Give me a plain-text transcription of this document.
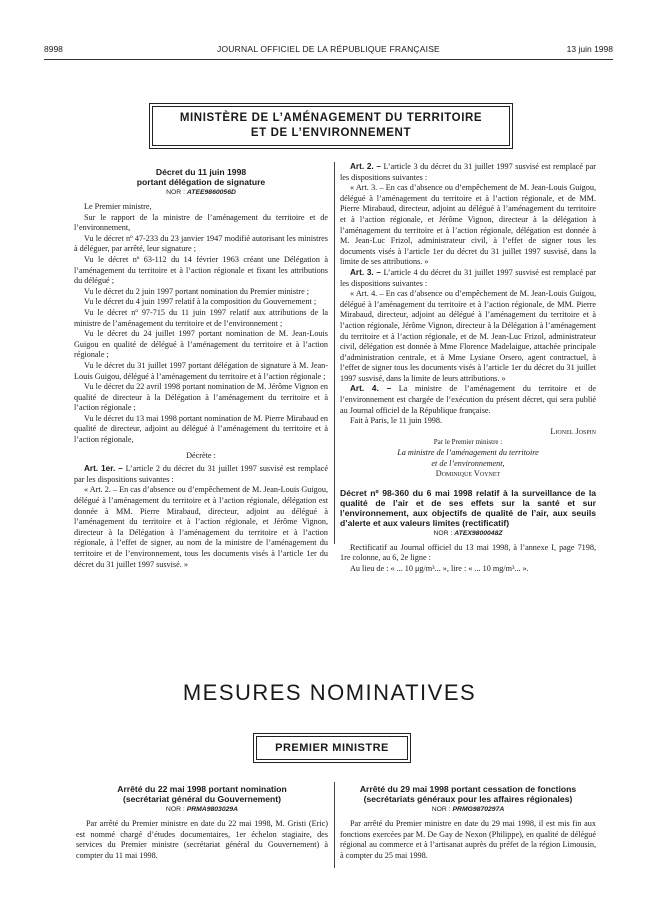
8998	JOURNAL OFFICIEL DE LA RÉPUBLIQUE FRANÇAISE	13 juin 1998
MINISTÈRE DE L’AMÉNAGEMENT DU TERRITOIRE
ET DE L’ENVIRONNEMENT
Décret du 11 juin 1998
portant délégation de signature
NOR : ATEE9860056D

Le Premier ministre,

Sur le rapport de la ministre de l’aménagement du territoire et de l’environnement,

Vu le décret nº 47-233 du 23 janvier 1947 modifié autorisant les ministres à déléguer, par arrêté, leur signature ;

Vu le décret nº 63-112 du 14 février 1963 créant une Délégation à l’aménagement du territoire et à l’action régionale et fixant les attributions du délégué ;

Vu le décret du 2 juin 1997 portant nomination du Premier ministre ;

Vu le décret du 4 juin 1997 relatif à la composition du Gouvernement ;

Vu le décret nº 97-715 du 11 juin 1997 relatif aux attributions de la ministre de l’aménagement du territoire et de l’environnement ;

Vu le décret du 24 juillet 1997 portant nomination de M. Jean-Louis Guigou en qualité de délégué à l’aménagement du territoire et à l’action régionale ;

Vu le décret du 31 juillet 1997 portant délégation de signature à M. Jean-Louis Guigou, délégué à l’aménagement du territoire et à l’action régionale ;

Vu le décret du 22 avril 1998 portant nomination de M. Jérôme Vignon en qualité de directeur à la Délégation à l’aménagement du territoire et à l’action régionale ;

Vu le décret du 13 mai 1998 portant nomination de M. Pierre Mirabaud en qualité de directeur, adjoint au délégué à l’aménagement du territoire et à l’action régionale,

Décrète :

Art. 1er. – L’article 2 du décret du 31 juillet 1997 susvisé est remplacé par les dispositions suivantes :

« Art. 2. – En cas d’absence ou d’empêchement de M. Jean-Louis Guigou, délégué à l’aménagement du territoire et à l’action régionale, délégation est donnée à MM. Pierre Mirabaud, directeur, adjoint au délégué à l’aménagement du territoire et à l’action régionale, et Jérôme Vignon, directeur à la Délégation à l’aménagement du territoire et à l’action régionale, à l’effet de signer, au nom de la ministre de l’aménagement du territoire et de l’environnement, tous les documents visés à l’article 1er du décret du 31 juillet 1997 susvisé. »

Art. 2. – L’article 3 du décret du 31 juillet 1997 susvisé est remplacé par les dispositions suivantes :

« Art. 3. – En cas d’absence ou d’empêchement de M. Jean-Louis Guigou, délégué à l’aménagement du territoire et à l’action régionale, et de MM. Pierre Mirabaud, directeur, adjoint au délégué à l’aménagement du territoire et à l’action régionale, et Jérôme Vignon, directeur à la délégation à l’aménagement du territoire et à l’action régionale, délégation est donnée à M. Jean-Luc Frizol, administrateur civil, à l’effet de signer tous les documents visés à l’article 1er du décret du 31 juillet 1997 susvisé, dans la limite de ses attributions. »

Art. 3. – L’article 4 du décret du 31 juillet 1997 susvisé est remplacé par les dispositions suivantes :

« Art. 4. – En cas d’absence ou d’empêchement de M. Jean-Louis Guigou, délégué à l’aménagement du territoire et à l’action régionale, de MM. Pierre Mirabaud, directeur, adjoint au délégué à l’aménagement du territoire et à l’action régionale, Jérôme Vignon, directeur à la Délégation à l’aménagement du territoire et à l’action régionale, et de M. Jean-Luc Frizol, administrateur civil, délégation est donnée à Mme Florence Madelaigue, attachée principale d’administration centrale, et à Mme Lysiane Orsero, agent contractuel, à l’effet de signer tous les documents visés à l’article 1er du décret du 31 juillet 1997 susvisé, dans la limite de leurs attributions. »

Art. 4. – La ministre de l’aménagement du territoire et de l’environnement est chargée de l’exécution du présent décret, qui sera publié au Journal officiel de la République française.

Fait à Paris, le 11 juin 1998.

Lionel Jospin

Par le Premier ministre :

La ministre de l’aménagement du territoire

et de l’environnement,

Dominique Voynet

Décret nº 98-360 du 6 mai 1998 relatif à la surveillance de la qualité de l’air et de ses effets sur la santé et sur l’environnement, aux objectifs de qualité de l’air, aux seuils d’alerte et aux valeurs limites (rectificatif)
NOR : ATEX9800048Z

Rectificatif au Journal officiel du 13 mai 1998, à l’annexe I, page 7198, 1re colonne, au 6, 2e ligne :

Au lieu de : « ... 10 μg/m³... », lire : « ... 10 mg/m³... ».

MESURES NOMINATIVES
PREMIER MINISTRE
Arrêté du 22 mai 1998 portant nomination
(secrétariat général du Gouvernement)
NOR : PRMA9803029A

Par arrêté du Premier ministre en date du 22 mai 1998, M. Gristi (Eric) est nommé chargé d’études documentaires, 1er échelon stagiaire, des services du Premier ministre (secrétariat général du Gouvernement) à compter du 11 mai 1998.

Arrêté du 29 mai 1998 portant cessation de fonctions
(secrétariats généraux pour les affaires régionales)
NOR : PRMG9870297A

Par arrêté du Premier ministre en date du 29 mai 1998, il est mis fin aux fonctions exercées par M. De Gay de Nexon (Philippe), en qualité de délégué régional au commerce et à l’artisanat auprès du préfet de la région Limousin, à compter du 25 mai 1998.
